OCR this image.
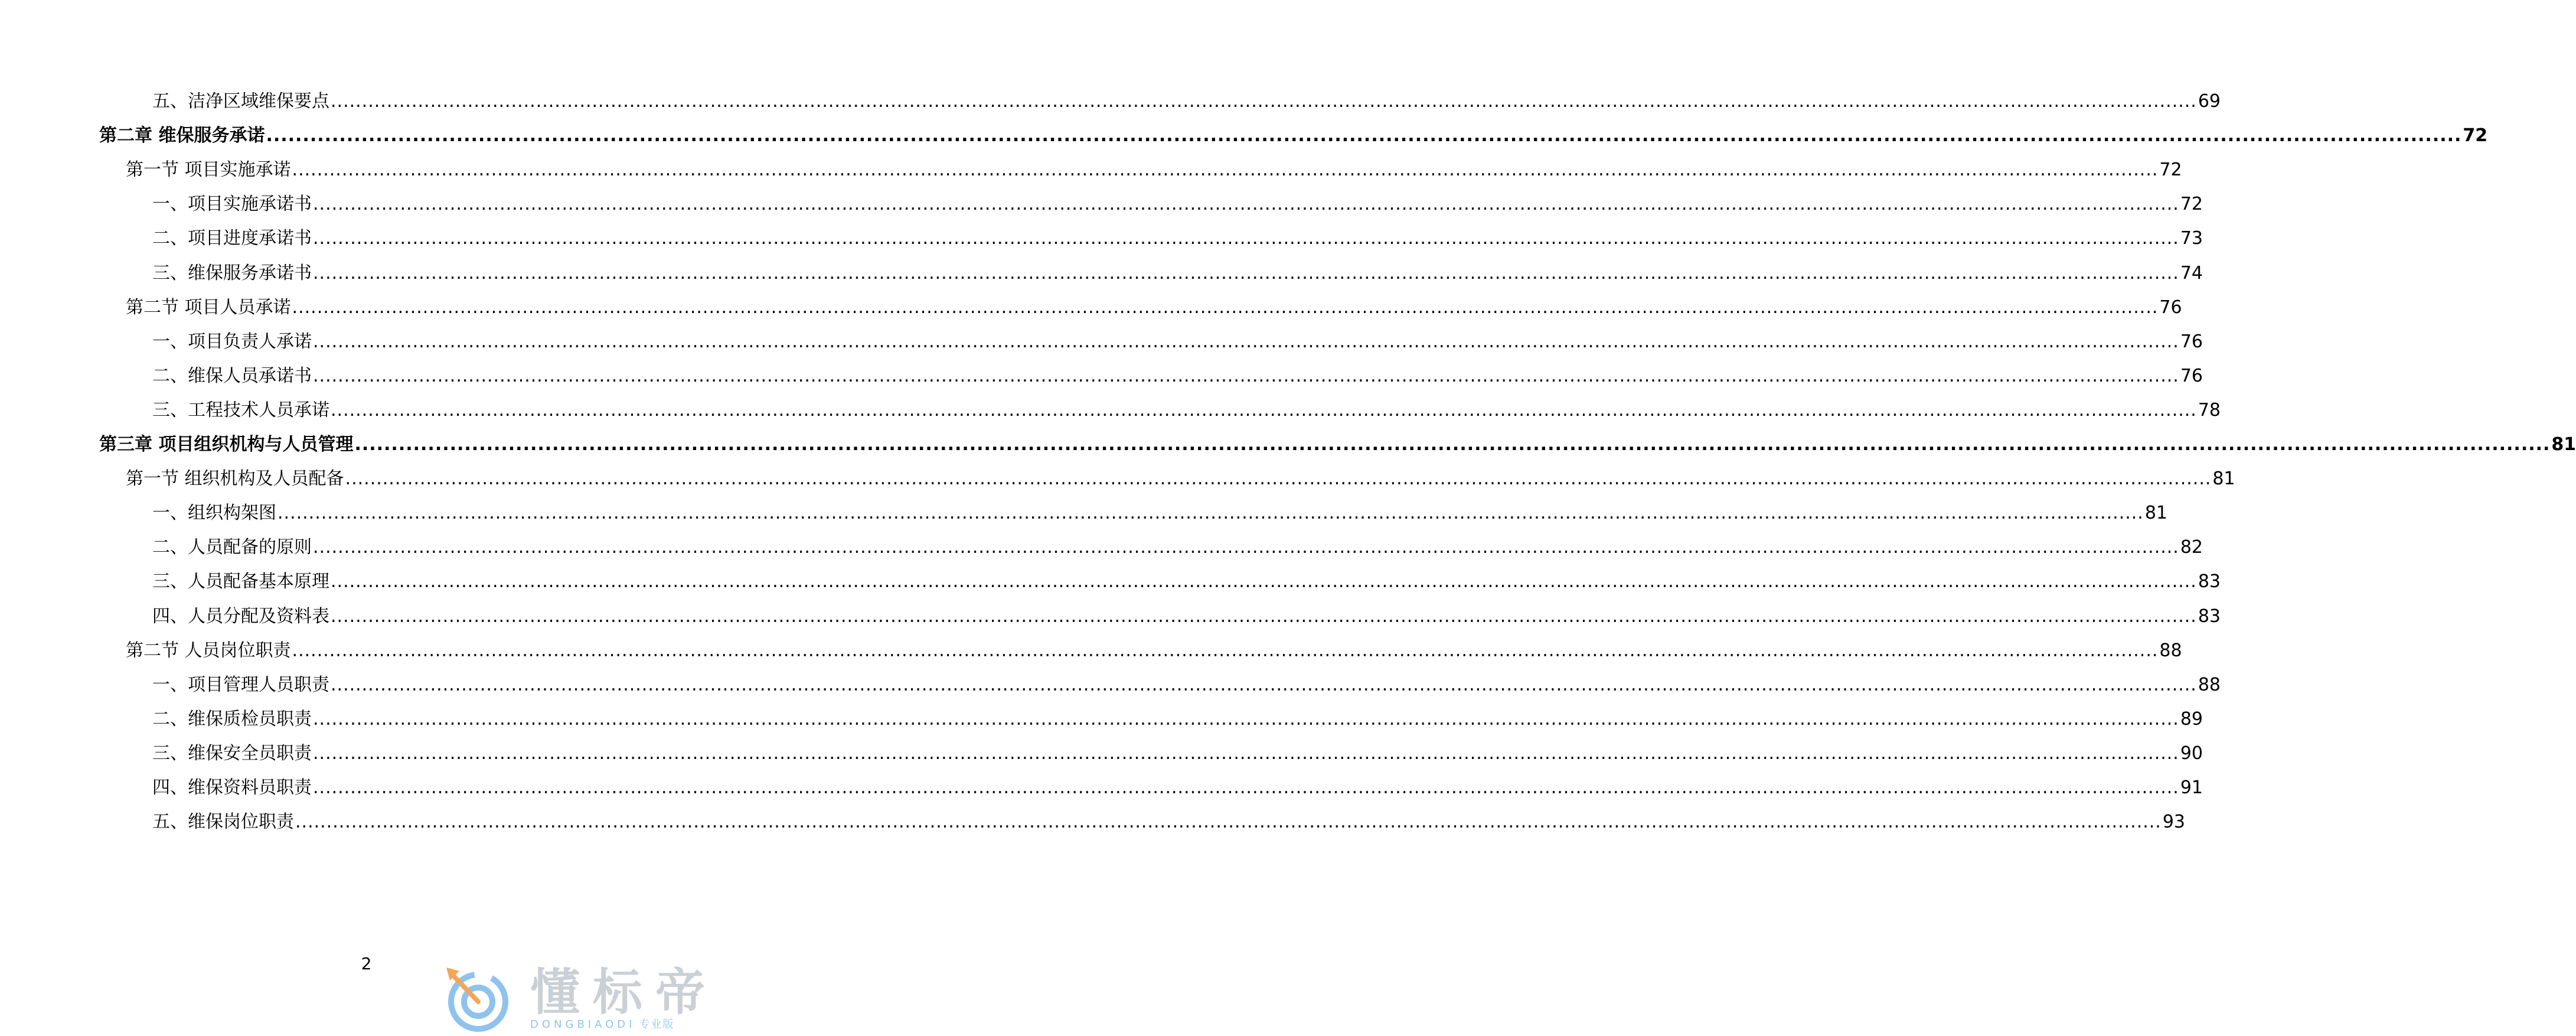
五、洁净区域维保要点 ............................................................................................................................................................................................................................................................................................................ 69
第二章 维保服务承诺 ............................................................................................................................................................................................................................................................................................................ 72
第一节 项目实施承诺 ............................................................................................................................................................................................................................................................................................................ 72
一、项目实施承诺书 ............................................................................................................................................................................................................................................................................................................ 72
二、项目进度承诺书 ............................................................................................................................................................................................................................................................................................................ 73
三、维保服务承诺书 ............................................................................................................................................................................................................................................................................................................ 74
第二节 项目人员承诺 ............................................................................................................................................................................................................................................................................................................ 76
一、项目负责人承诺 ............................................................................................................................................................................................................................................................................................................ 76
二、维保人员承诺书 ............................................................................................................................................................................................................................................................................................................ 76
三、工程技术人员承诺 ............................................................................................................................................................................................................................................................................................................ 78
第三章 项目组织机构与人员管理 ............................................................................................................................................................................................................................................................................................................ 81
第一节 组织机构及人员配备 ............................................................................................................................................................................................................................................................................................................ 81
一、组织构架图 ............................................................................................................................................................................................................................................................................................................ 81
二、人员配备的原则 ............................................................................................................................................................................................................................................................................................................ 82
三、人员配备基本原理 ............................................................................................................................................................................................................................................................................................................ 83
四、人员分配及资料表 ............................................................................................................................................................................................................................................................................................................ 83
第二节 人员岗位职责 ............................................................................................................................................................................................................................................................................................................ 88
一、项目管理人员职责 ............................................................................................................................................................................................................................................................................................................ 88
二、维保质检员职责 ............................................................................................................................................................................................................................................................................................................ 89
三、维保安全员职责 ............................................................................................................................................................................................................................................................................................................ 90
四、维保资料员职责 ............................................................................................................................................................................................................................................................................................................ 91
五、维保岗位职责 ............................................................................................................................................................................................................................................................................................................ 93
2	懂标帝
DONGBIAODI 专业版
